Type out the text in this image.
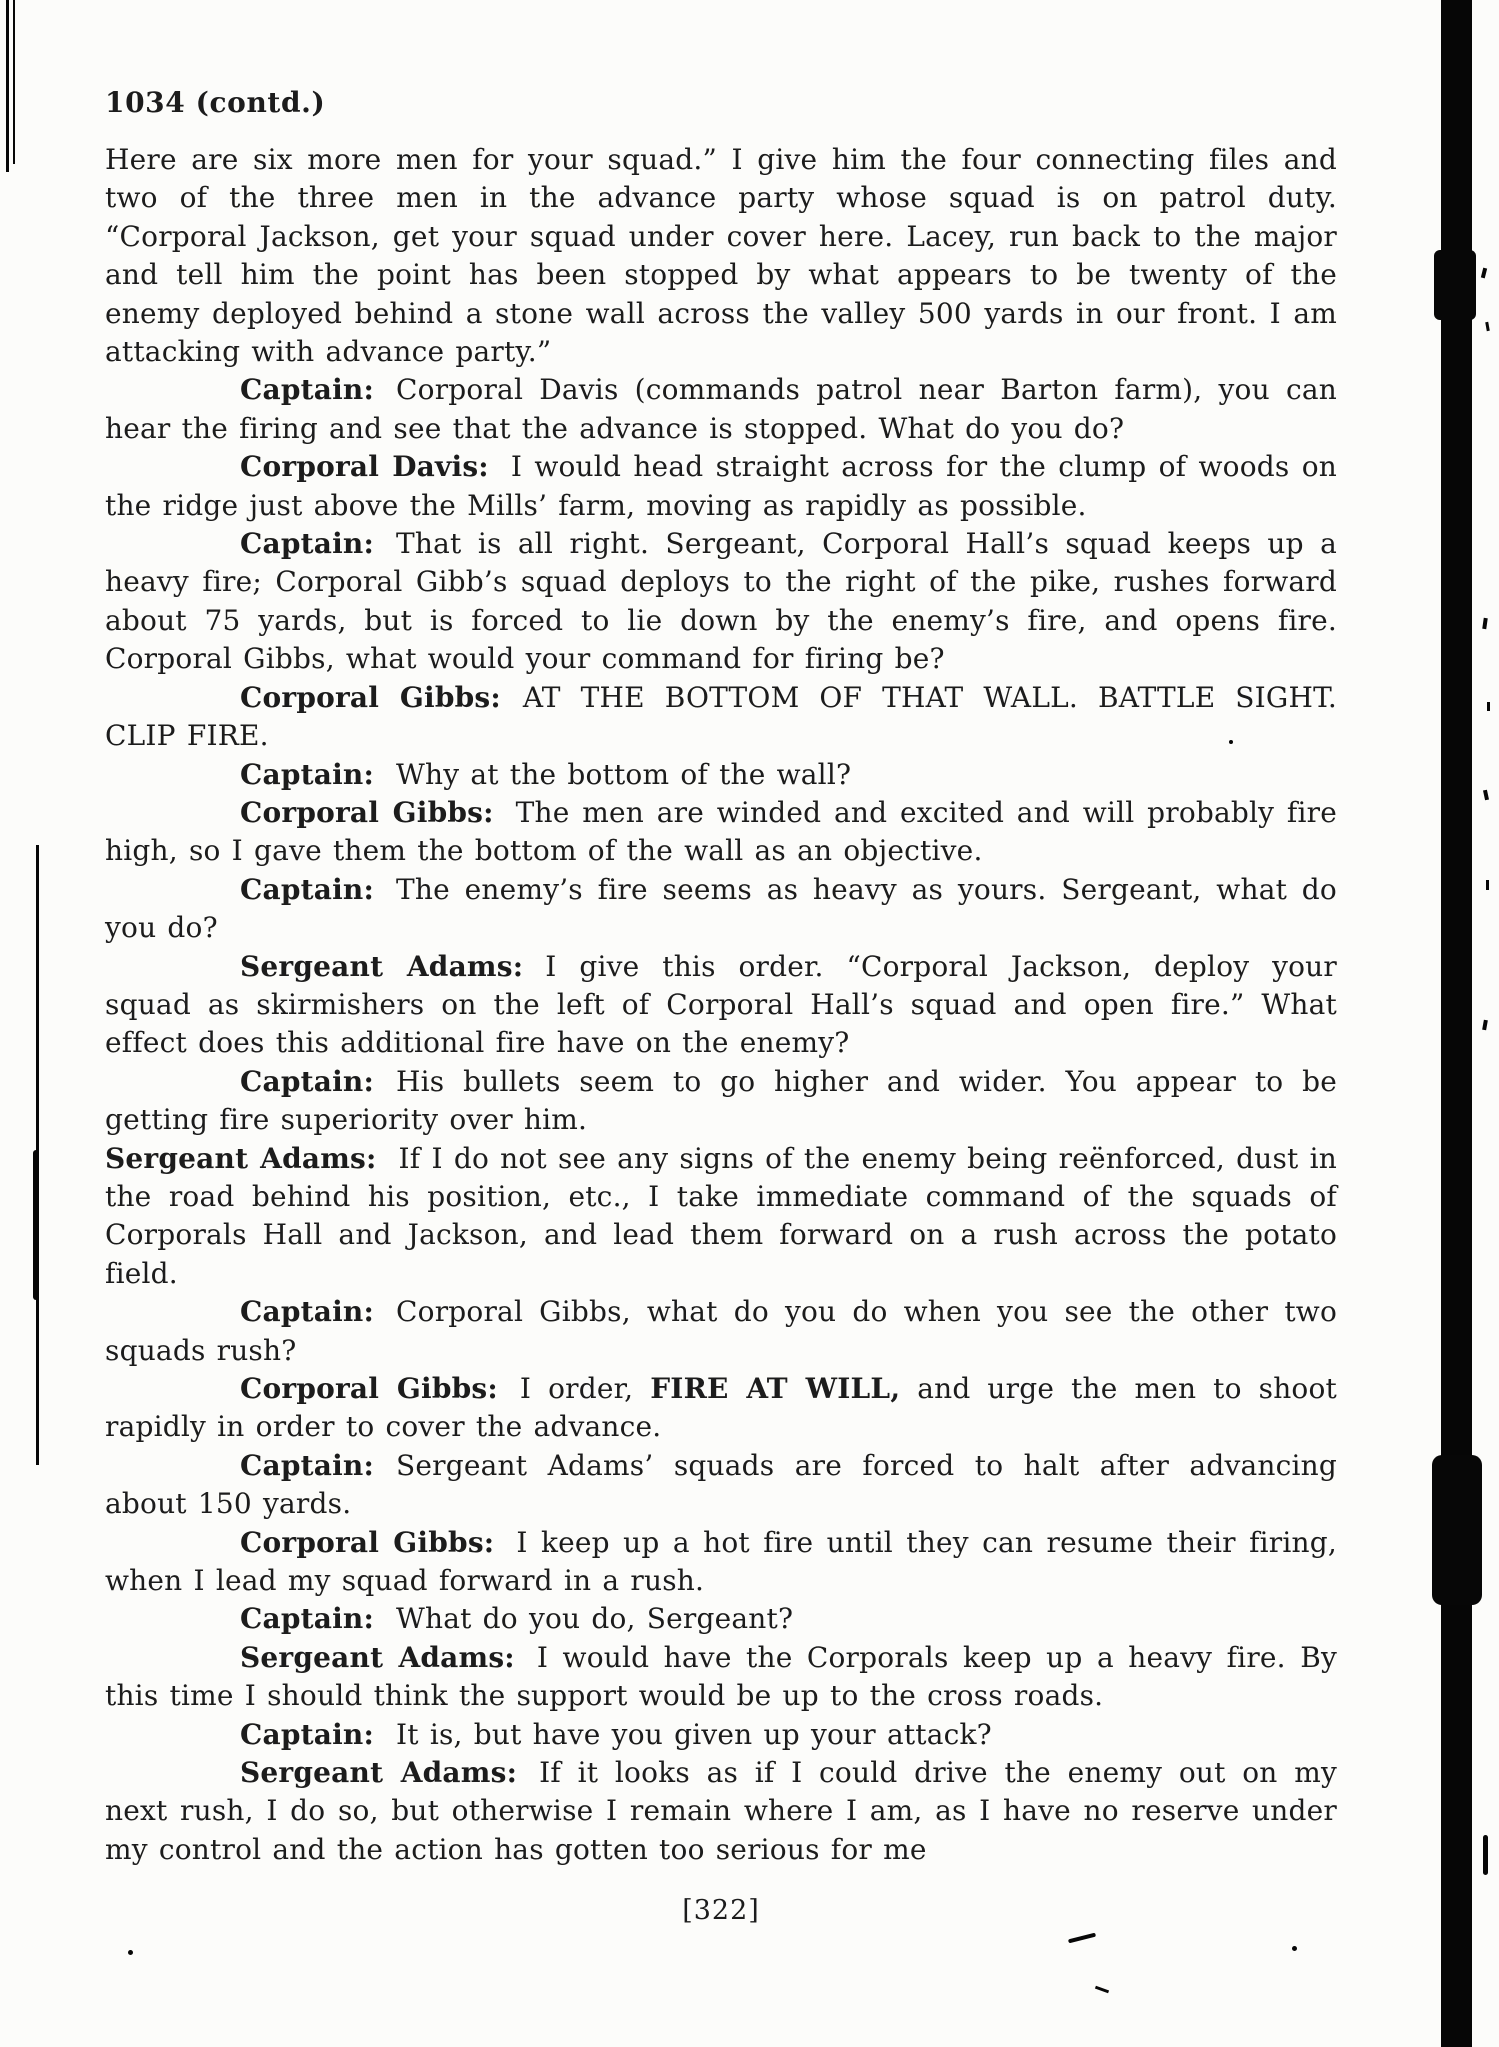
1034 (contd.)

Here are six more men for your squad.” I give him the four connecting files and two of the three men in the advance party whose squad is on patrol duty. “Corporal Jackson, get your squad under cover here. Lacey, run back to the major and tell him the point has been stopped by what appears to be twenty of the enemy deployed behind a stone wall across the valley 500 yards in our front. I am attacking with advance party.”

Captain: Corporal Davis (commands patrol near Barton farm), you can hear the firing and see that the advance is stopped. What do you do?

Corporal Davis: I would head straight across for the clump of woods on the ridge just above the Mills’ farm, moving as rapidly as possible.

Captain: That is all right. Sergeant, Corporal Hall’s squad keeps up a heavy fire; Corporal Gibb’s squad deploys to the right of the pike, rushes forward about 75 yards, but is forced to lie down by the enemy’s fire, and opens fire. Corporal Gibbs, what would your command for firing be?

Corporal Gibbs: AT THE BOTTOM OF THAT WALL. BATTLE SIGHT. CLIP FIRE.

Captain: Why at the bottom of the wall?

Corporal Gibbs: The men are winded and excited and will probably fire high, so I gave them the bottom of the wall as an objective.

Captain: The enemy’s fire seems as heavy as yours. Sergeant, what do you do?

Sergeant Adams: I give this order. “Corporal Jackson, deploy your squad as skirmishers on the left of Corporal Hall’s squad and open fire.” What effect does this additional fire have on the enemy?

Captain: His bullets seem to go higher and wider. You appear to be getting fire superiority over him.

Sergeant Adams: If I do not see any signs of the enemy being reënforced, dust in the road behind his position, etc., I take immediate command of the squads of Corporals Hall and Jackson, and lead them forward on a rush across the potato field.

Captain: Corporal Gibbs, what do you do when you see the other two squads rush?

Corporal Gibbs: I order, FIRE AT WILL, and urge the men to shoot rapidly in order to cover the advance.

Captain: Sergeant Adams’ squads are forced to halt after advancing about 150 yards.

Corporal Gibbs: I keep up a hot fire until they can resume their firing, when I lead my squad forward in a rush.

Captain: What do you do, Sergeant?

Sergeant Adams: I would have the Corporals keep up a heavy fire. By this time I should think the support would be up to the cross roads.

Captain: It is, but have you given up your attack?

Sergeant Adams: If it looks as if I could drive the enemy out on my next rush, I do so, but otherwise I remain where I am, as I have no reserve under my control and the action has gotten too serious for me

[322]
